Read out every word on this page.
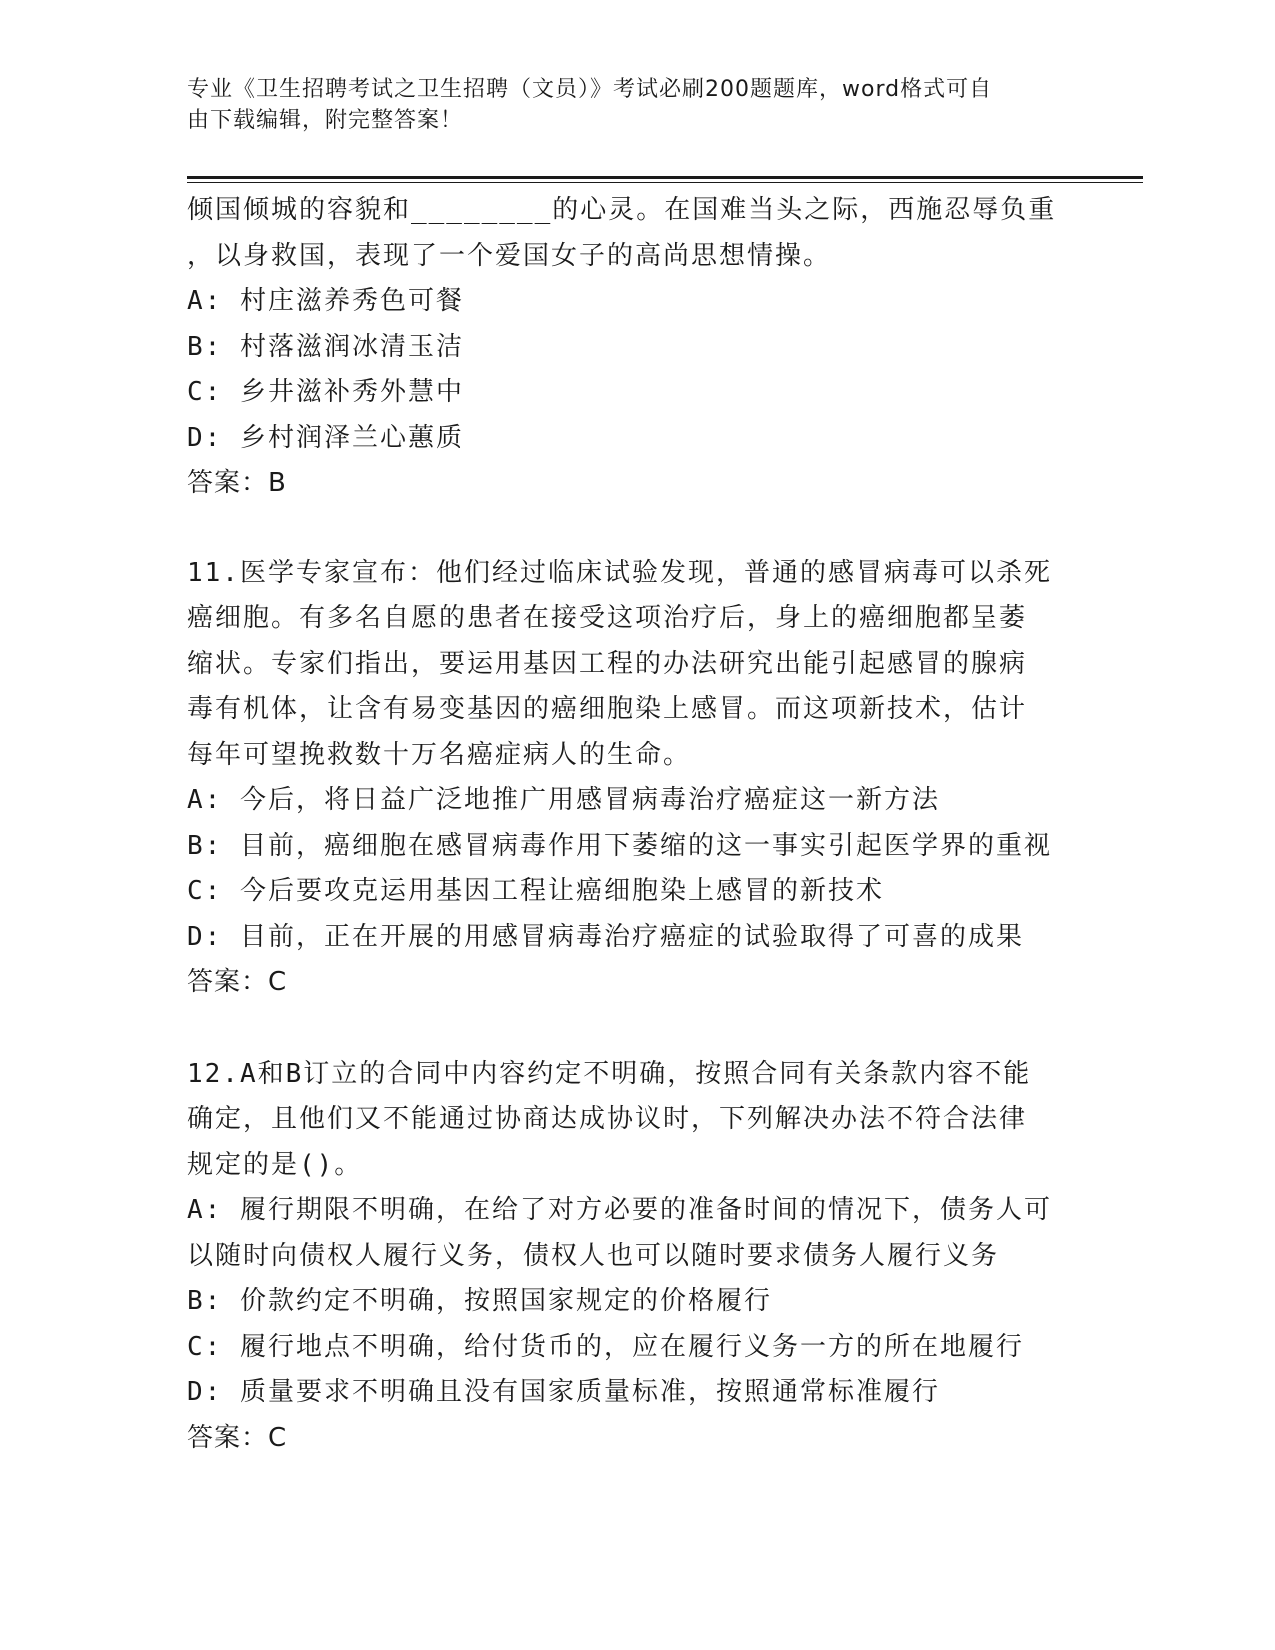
专业《卫生招聘考试之卫生招聘（文员）》考试必刷200题题库，word格式可自
由下载编辑，附完整答案！
倾国倾城的容貌和________的心灵。在国难当头之际，西施忍辱负重
，以身救国，表现了一个爱国女子的高尚思想情操。
A: 村庄滋养秀色可餐
B: 村落滋润冰清玉洁
C: 乡井滋补秀外慧中
D: 乡村润泽兰心蕙质
答案：B
11.医学专家宣布：他们经过临床试验发现，普通的感冒病毒可以杀死
癌细胞。有多名自愿的患者在接受这项治疗后，身上的癌细胞都呈萎
缩状。专家们指出，要运用基因工程的办法研究出能引起感冒的腺病
毒有机体，让含有易变基因的癌细胞染上感冒。而这项新技术，估计
每年可望挽救数十万名癌症病人的生命。
A: 今后，将日益广泛地推广用感冒病毒治疗癌症这一新方法
B: 目前，癌细胞在感冒病毒作用下萎缩的这一事实引起医学界的重视
C: 今后要攻克运用基因工程让癌细胞染上感冒的新技术
D: 目前，正在开展的用感冒病毒治疗癌症的试验取得了可喜的成果
答案：C
12.A和B订立的合同中内容约定不明确，按照合同有关条款内容不能
确定，且他们又不能通过协商达成协议时，下列解决办法不符合法律
规定的是()。
A: 履行期限不明确，在给了对方必要的准备时间的情况下，债务人可
以随时向债权人履行义务，债权人也可以随时要求债务人履行义务
B: 价款约定不明确，按照国家规定的价格履行
C: 履行地点不明确，给付货币的，应在履行义务一方的所在地履行
D: 质量要求不明确且没有国家质量标准，按照通常标准履行
答案：C
